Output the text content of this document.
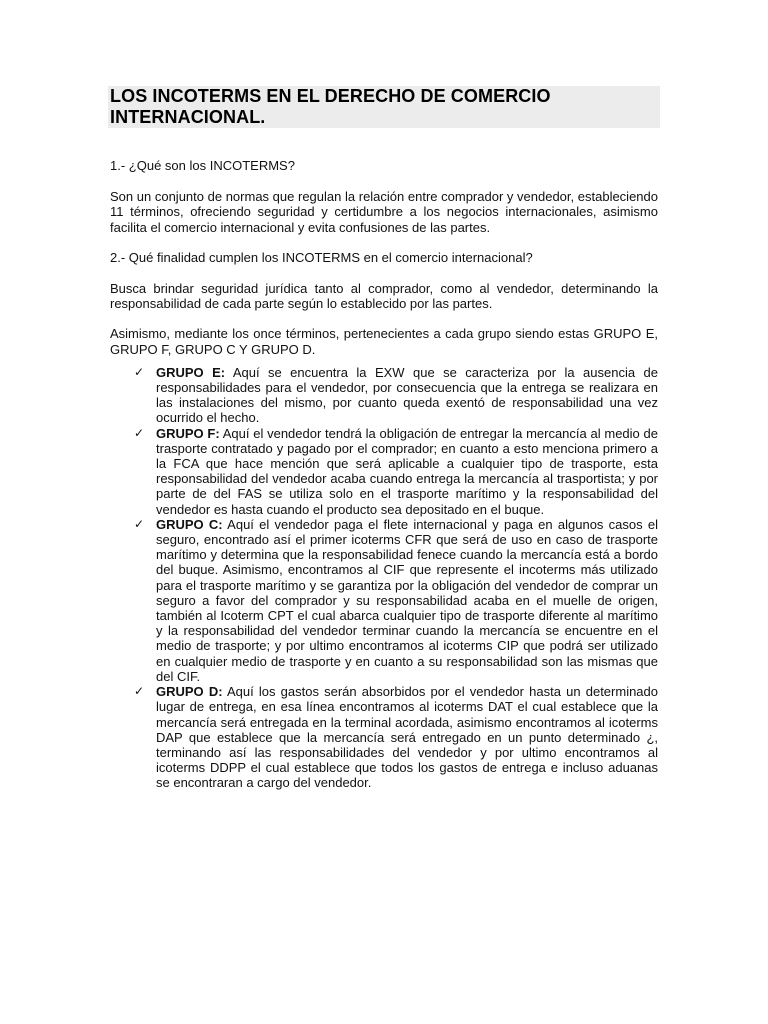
LOS INCOTERMS EN EL DERECHO DE COMERCIO INTERNACIONAL.

1.- ¿Qué son los INCOTERMS?

Son un conjunto de normas que regulan la relación entre comprador y vendedor, estableciendo 11 términos, ofreciendo seguridad y certidumbre a los negocios internacionales, asimismo facilita el comercio internacional y evita confusiones de las partes.

2.- Qué finalidad cumplen los INCOTERMS en el comercio internacional?

Busca brindar seguridad jurídica tanto al comprador, como al vendedor, determinando la responsabilidad de cada parte según lo establecido por las partes.

Asimismo, mediante los once términos, pertenecientes a cada grupo siendo estas GRUPO E, GRUPO F, GRUPO C Y GRUPO D.

✓ GRUPO E: Aquí se encuentra la EXW que se caracteriza por la ausencia de responsabilidades para el vendedor, por consecuencia que la entrega se realizara en las instalaciones del mismo, por cuanto queda exentó de responsabilidad una vez ocurrido el hecho.
✓ GRUPO F: Aquí el vendedor tendrá la obligación de entregar la mercancía al medio de trasporte contratado y pagado por el comprador; en cuanto a esto menciona primero a la FCA que hace mención que será aplicable a cualquier tipo de trasporte, esta responsabilidad del vendedor acaba cuando entrega la mercancía al trasportista; y por parte de del FAS se utiliza solo en el trasporte marítimo y la responsabilidad del vendedor es hasta cuando el producto sea depositado en el buque.
✓ GRUPO C: Aquí el vendedor paga el flete internacional y paga en algunos casos el seguro, encontrado así el primer icoterms CFR que será de uso en caso de trasporte marítimo y determina que la responsabilidad fenece cuando la mercancía está a bordo del buque. Asimismo, encontramos al CIF que represente el incoterms más utilizado para el trasporte marítimo y se garantiza por la obligación del vendedor de comprar un seguro a favor del comprador y su responsabilidad acaba en el muelle de origen, también al Icoterm CPT el cual abarca cualquier tipo de trasporte diferente al marítimo y la responsabilidad del vendedor terminar cuando la mercancía se encuentre en el medio de trasporte; y por ultimo encontramos al icoterms CIP que podrá ser utilizado en cualquier medio de trasporte y en cuanto a su responsabilidad son las mismas que del CIF.
✓ GRUPO D: Aquí los gastos serán absorbidos por el vendedor hasta un determinado lugar de entrega, en esa línea encontramos al icoterms DAT el cual establece que la mercancía será entregada en la terminal acordada, asimismo encontramos al icoterms DAP que establece que la mercancía será entregado en un punto determinado ¿, terminando así las responsabilidades del vendedor y por ultimo encontramos al icoterms DDPP el cual establece que todos los gastos de entrega e incluso aduanas se encontraran a cargo del vendedor.
